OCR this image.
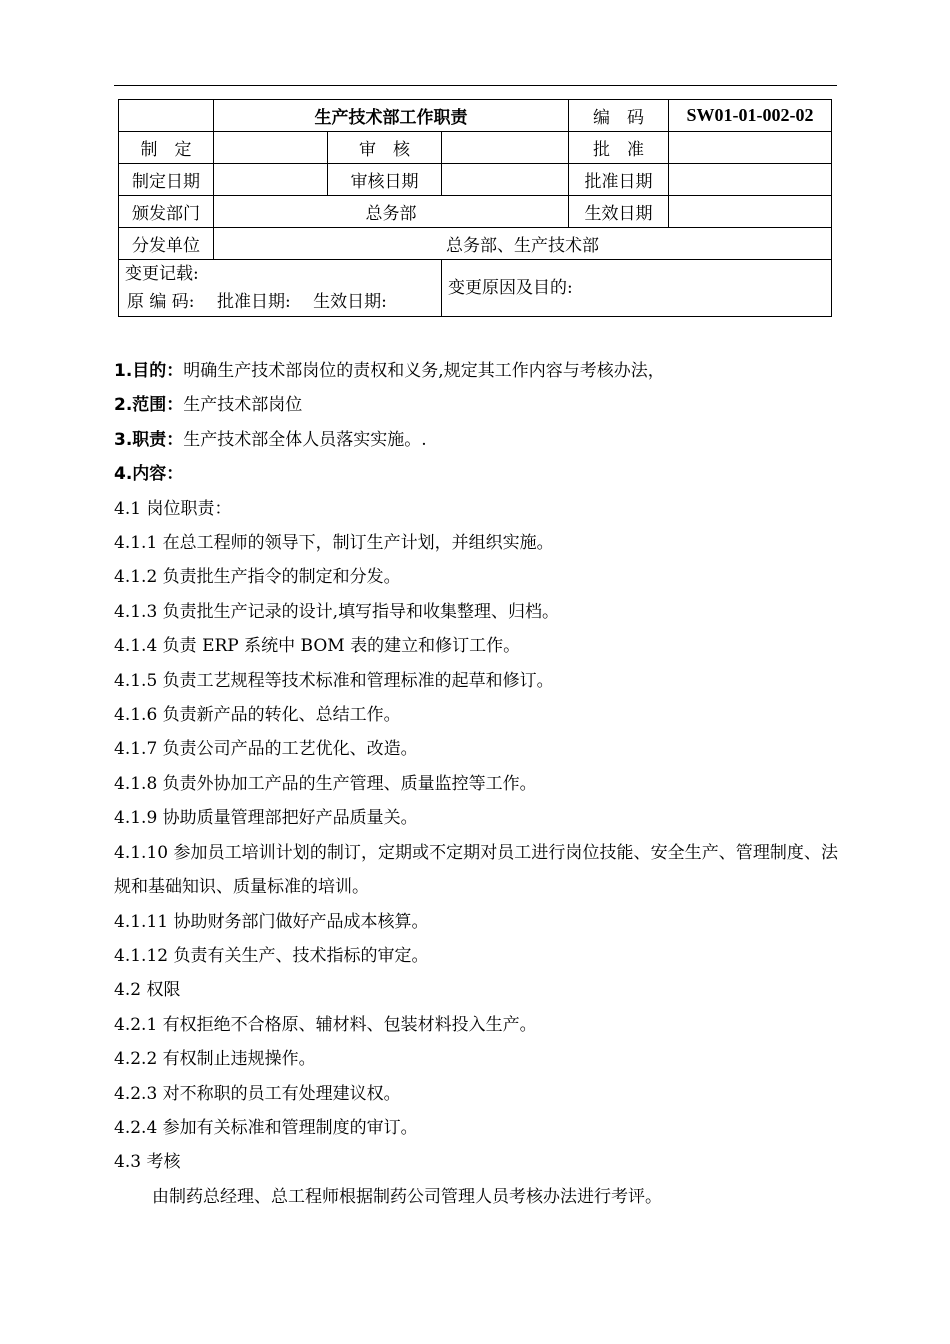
	生产技术部工作职责			编　码	SW01-01-002-02
制　定		审　核		批　准	
制定日期		审核日期		批准日期	
颁发部门	总务部			生效日期	
分发单位	总务部、生产技术部				

变更记载:
原 编 码:　 批准日期:　 生效日期:			变更原因及目的:		

1.目的：明确生产技术部岗位的责权和义务,规定其工作内容与考核办法，

2.范围：生产技术部岗位

3.职责：生产技术部全体人员落实实施。.

4.内容：

4.1 岗位职责：

4.1.1 在总工程师的领导下，制订生产计划，并组织实施。

4.1.2 负责批生产指令的制定和分发。

4.1.3 负责批生产记录的设计,填写指导和收集整理、归档。

4.1.4 负责 ERP 系统中 BOM 表的建立和修订工作。

4.1.5 负责工艺规程等技术标准和管理标准的起草和修订。

4.1.6 负责新产品的转化、总结工作。

4.1.7 负责公司产品的工艺优化、改造。

4.1.8 负责外协加工产品的生产管理、质量监控等工作。

4.1.9 协助质量管理部把好产品质量关。

4.1.10 参加员工培训计划的制订，定期或不定期对员工进行岗位技能、安全生产、管理制度、法规和基础知识、质量标准的培训。

4.1.11 协助财务部门做好产品成本核算。

4.1.12 负责有关生产、技术指标的审定。

4.2 权限

4.2.1 有权拒绝不合格原、辅材料、包装材料投入生产。

4.2.2 有权制止违规操作。

4.2.3 对不称职的员工有处理建议权。

4.2.4 参加有关标准和管理制度的审订。

4.3 考核

由制药总经理、总工程师根据制药公司管理人员考核办法进行考评。
